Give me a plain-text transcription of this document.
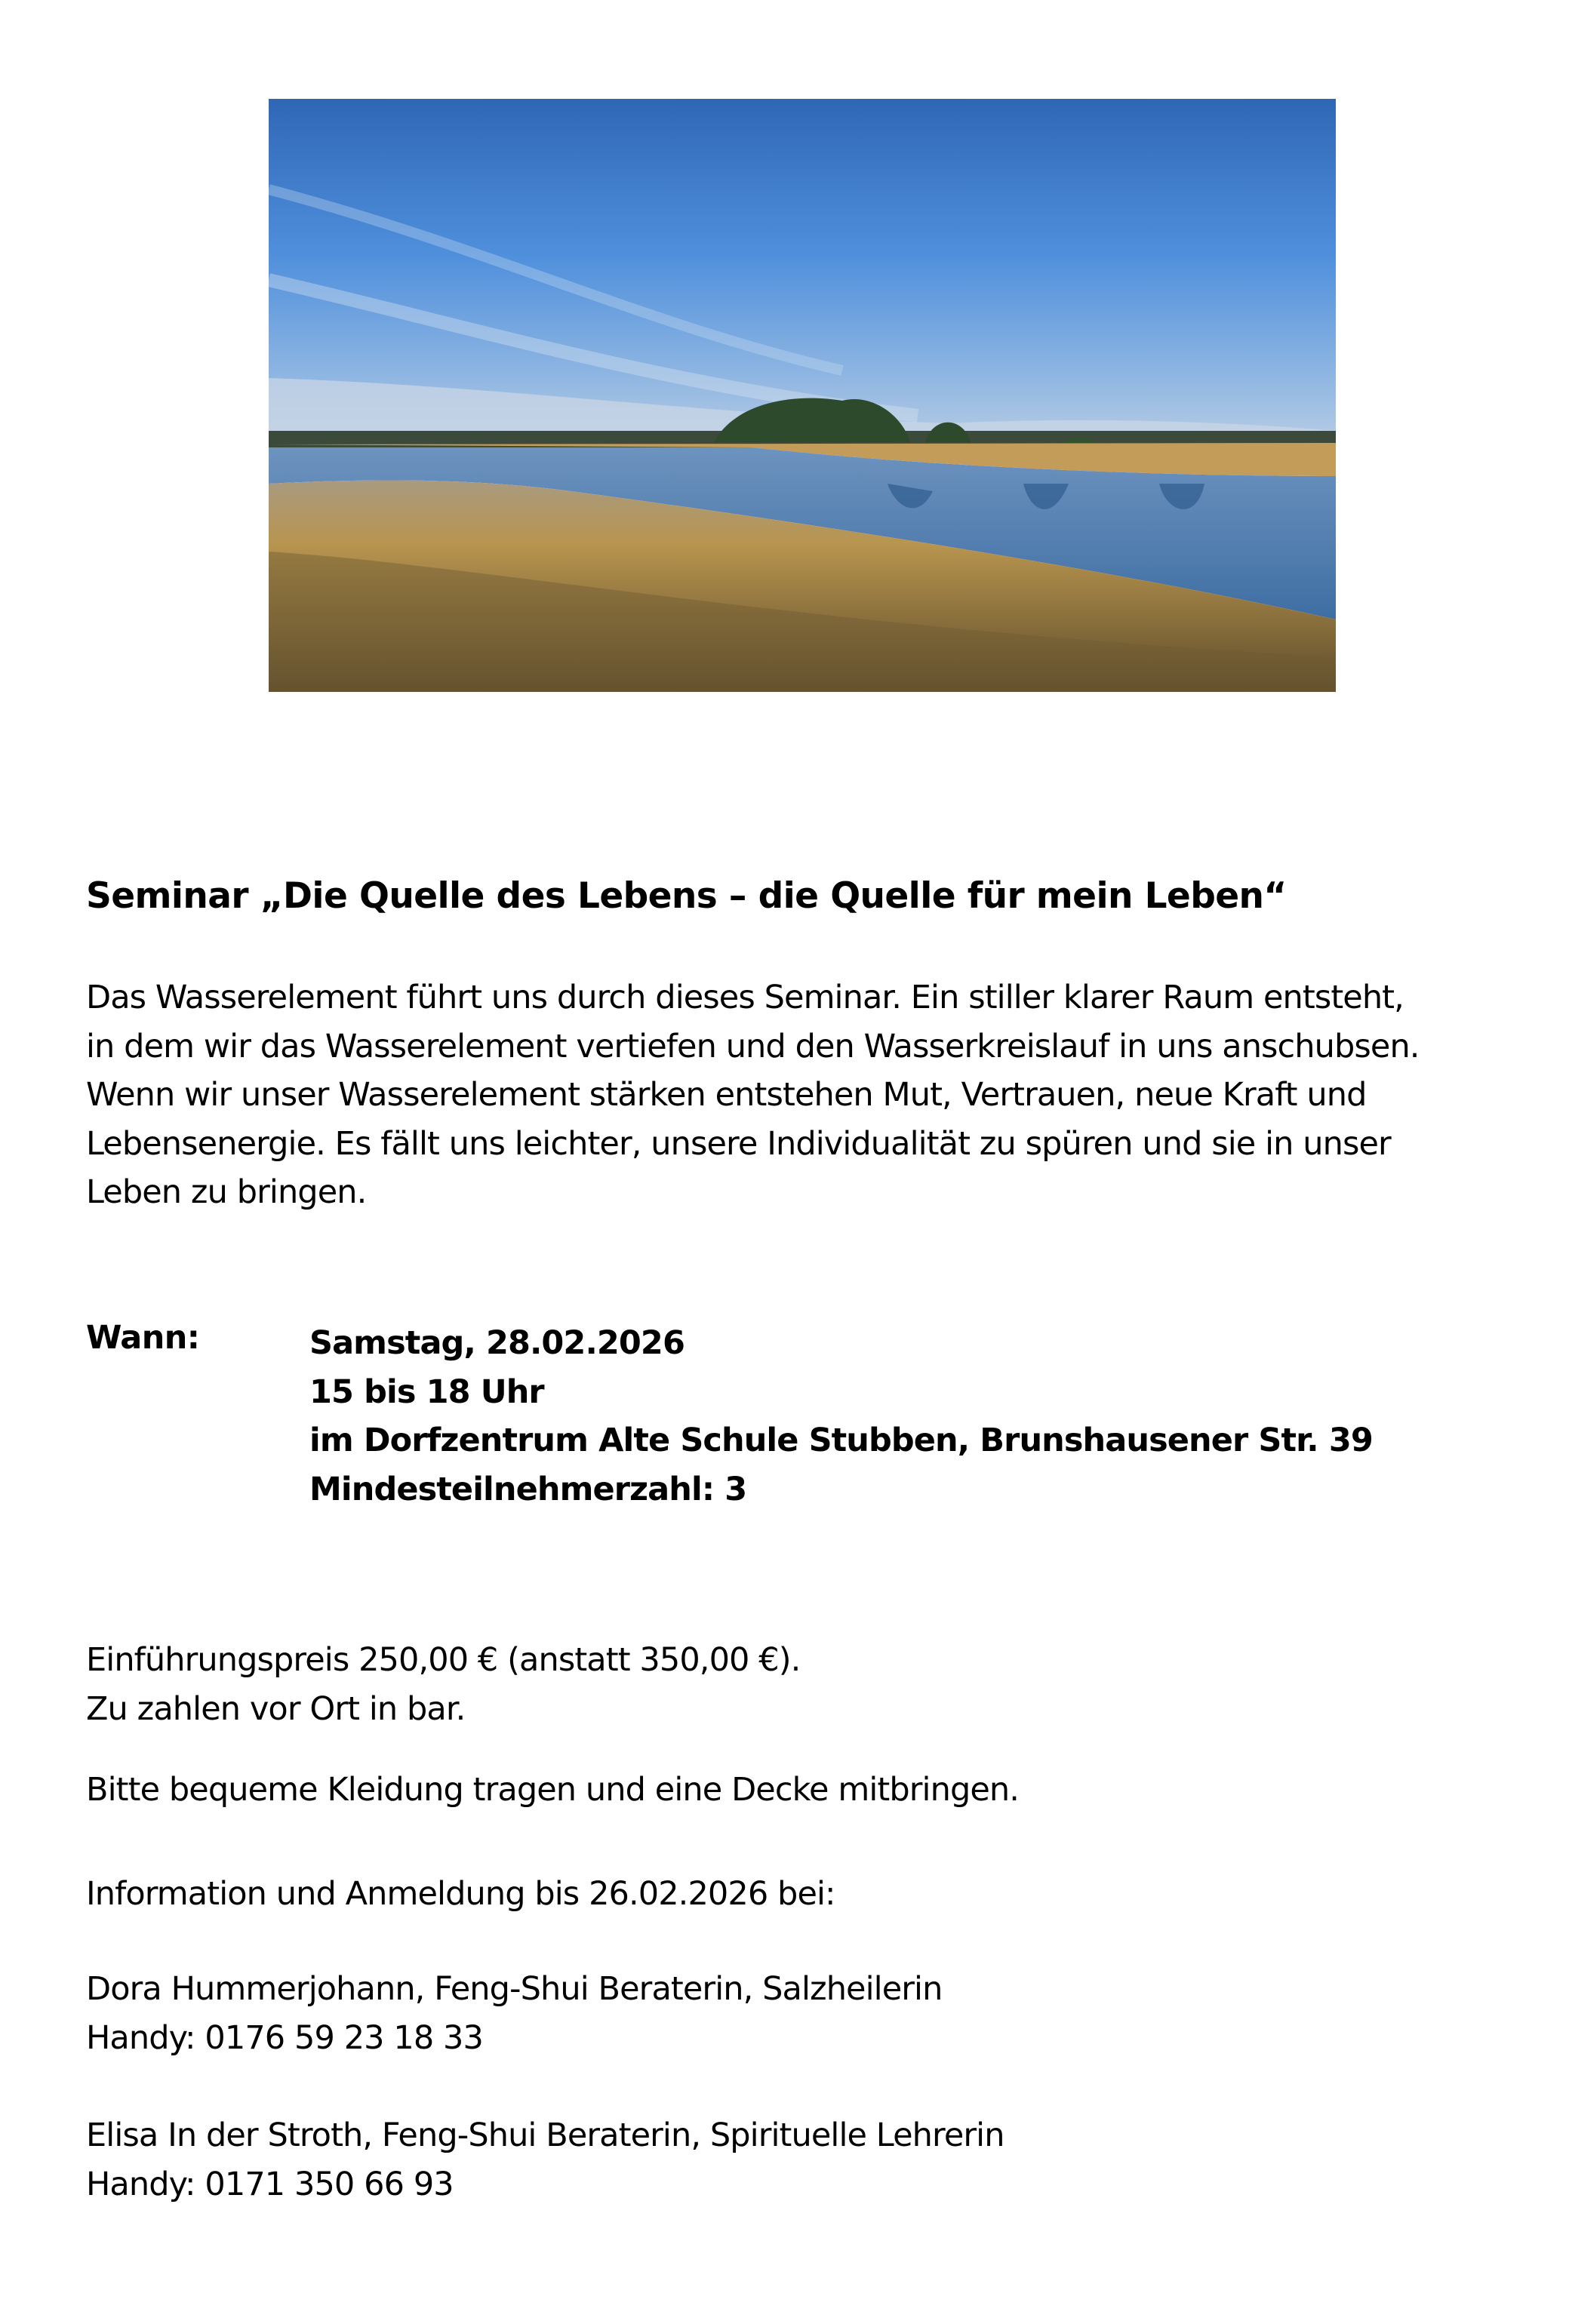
Seminar „Die Quelle des Lebens – die Quelle für mein Leben“
Das Wasserelement führt uns durch dieses Seminar. Ein stiller klarer Raum entsteht,
in dem wir das Wasserelement vertiefen und den Wasserkreislauf in uns anschubsen.
Wenn wir unser Wasserelement stärken entstehen Mut, Vertrauen, neue Kraft und
Lebensenergie. Es fällt uns leichter, unsere Individualität zu spüren und sie in unser
Leben zu bringen.
Wann:	Samstag, 28.02.2026
15 bis 18 Uhr
im Dorfzentrum Alte Schule Stubben, Brunshausener Str. 39
Mindesteilnehmerzahl: 3
Einführungspreis 250,00 € (anstatt 350,00 €).
Zu zahlen vor Ort in bar.
Bitte bequeme Kleidung tragen und eine Decke mitbringen.
Information und Anmeldung bis 26.02.2026 bei:
Dora Hummerjohann, Feng-Shui Beraterin, Salzheilerin
Handy: 0176 59 23 18 33
Elisa In der Stroth, Feng-Shui Beraterin, Spirituelle Lehrerin
Handy: 0171 350 66 93
